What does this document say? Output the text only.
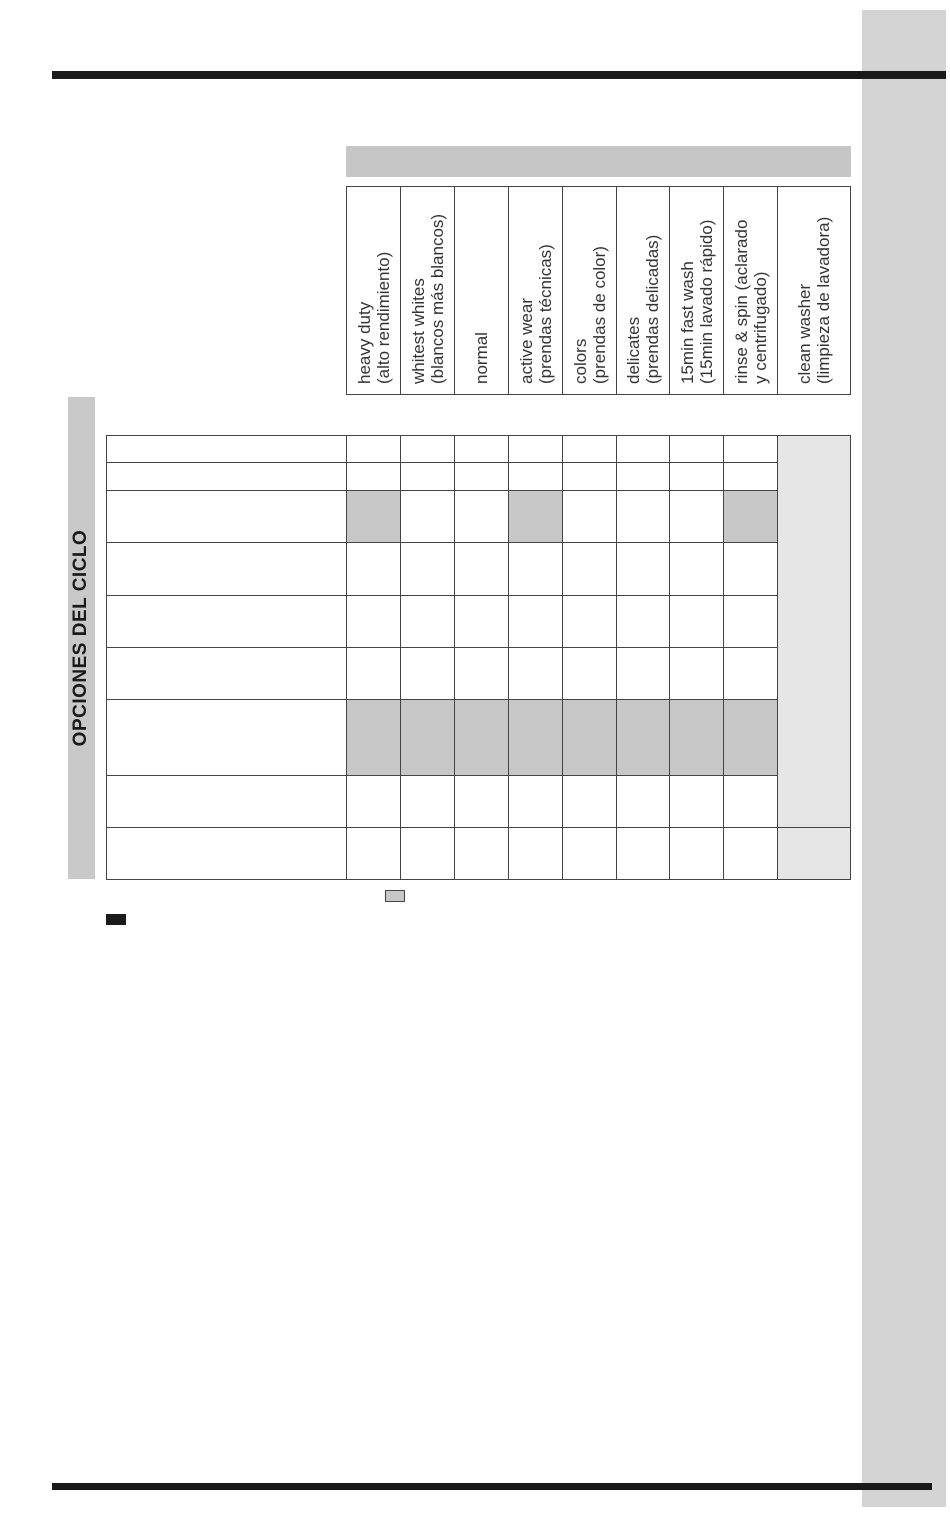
OPCIONES DEL CICLO
heavy duty (alto rendimiento) whitest whites (blancos más blancos) normal active wear (prendas técnicas) colors (prendas de color) delicates (prendas delicadas) 15min fast wash (15min lavado rápido) rinse & spin (aclarado y centrifugado) clean washer (limpieza de lavadora)
